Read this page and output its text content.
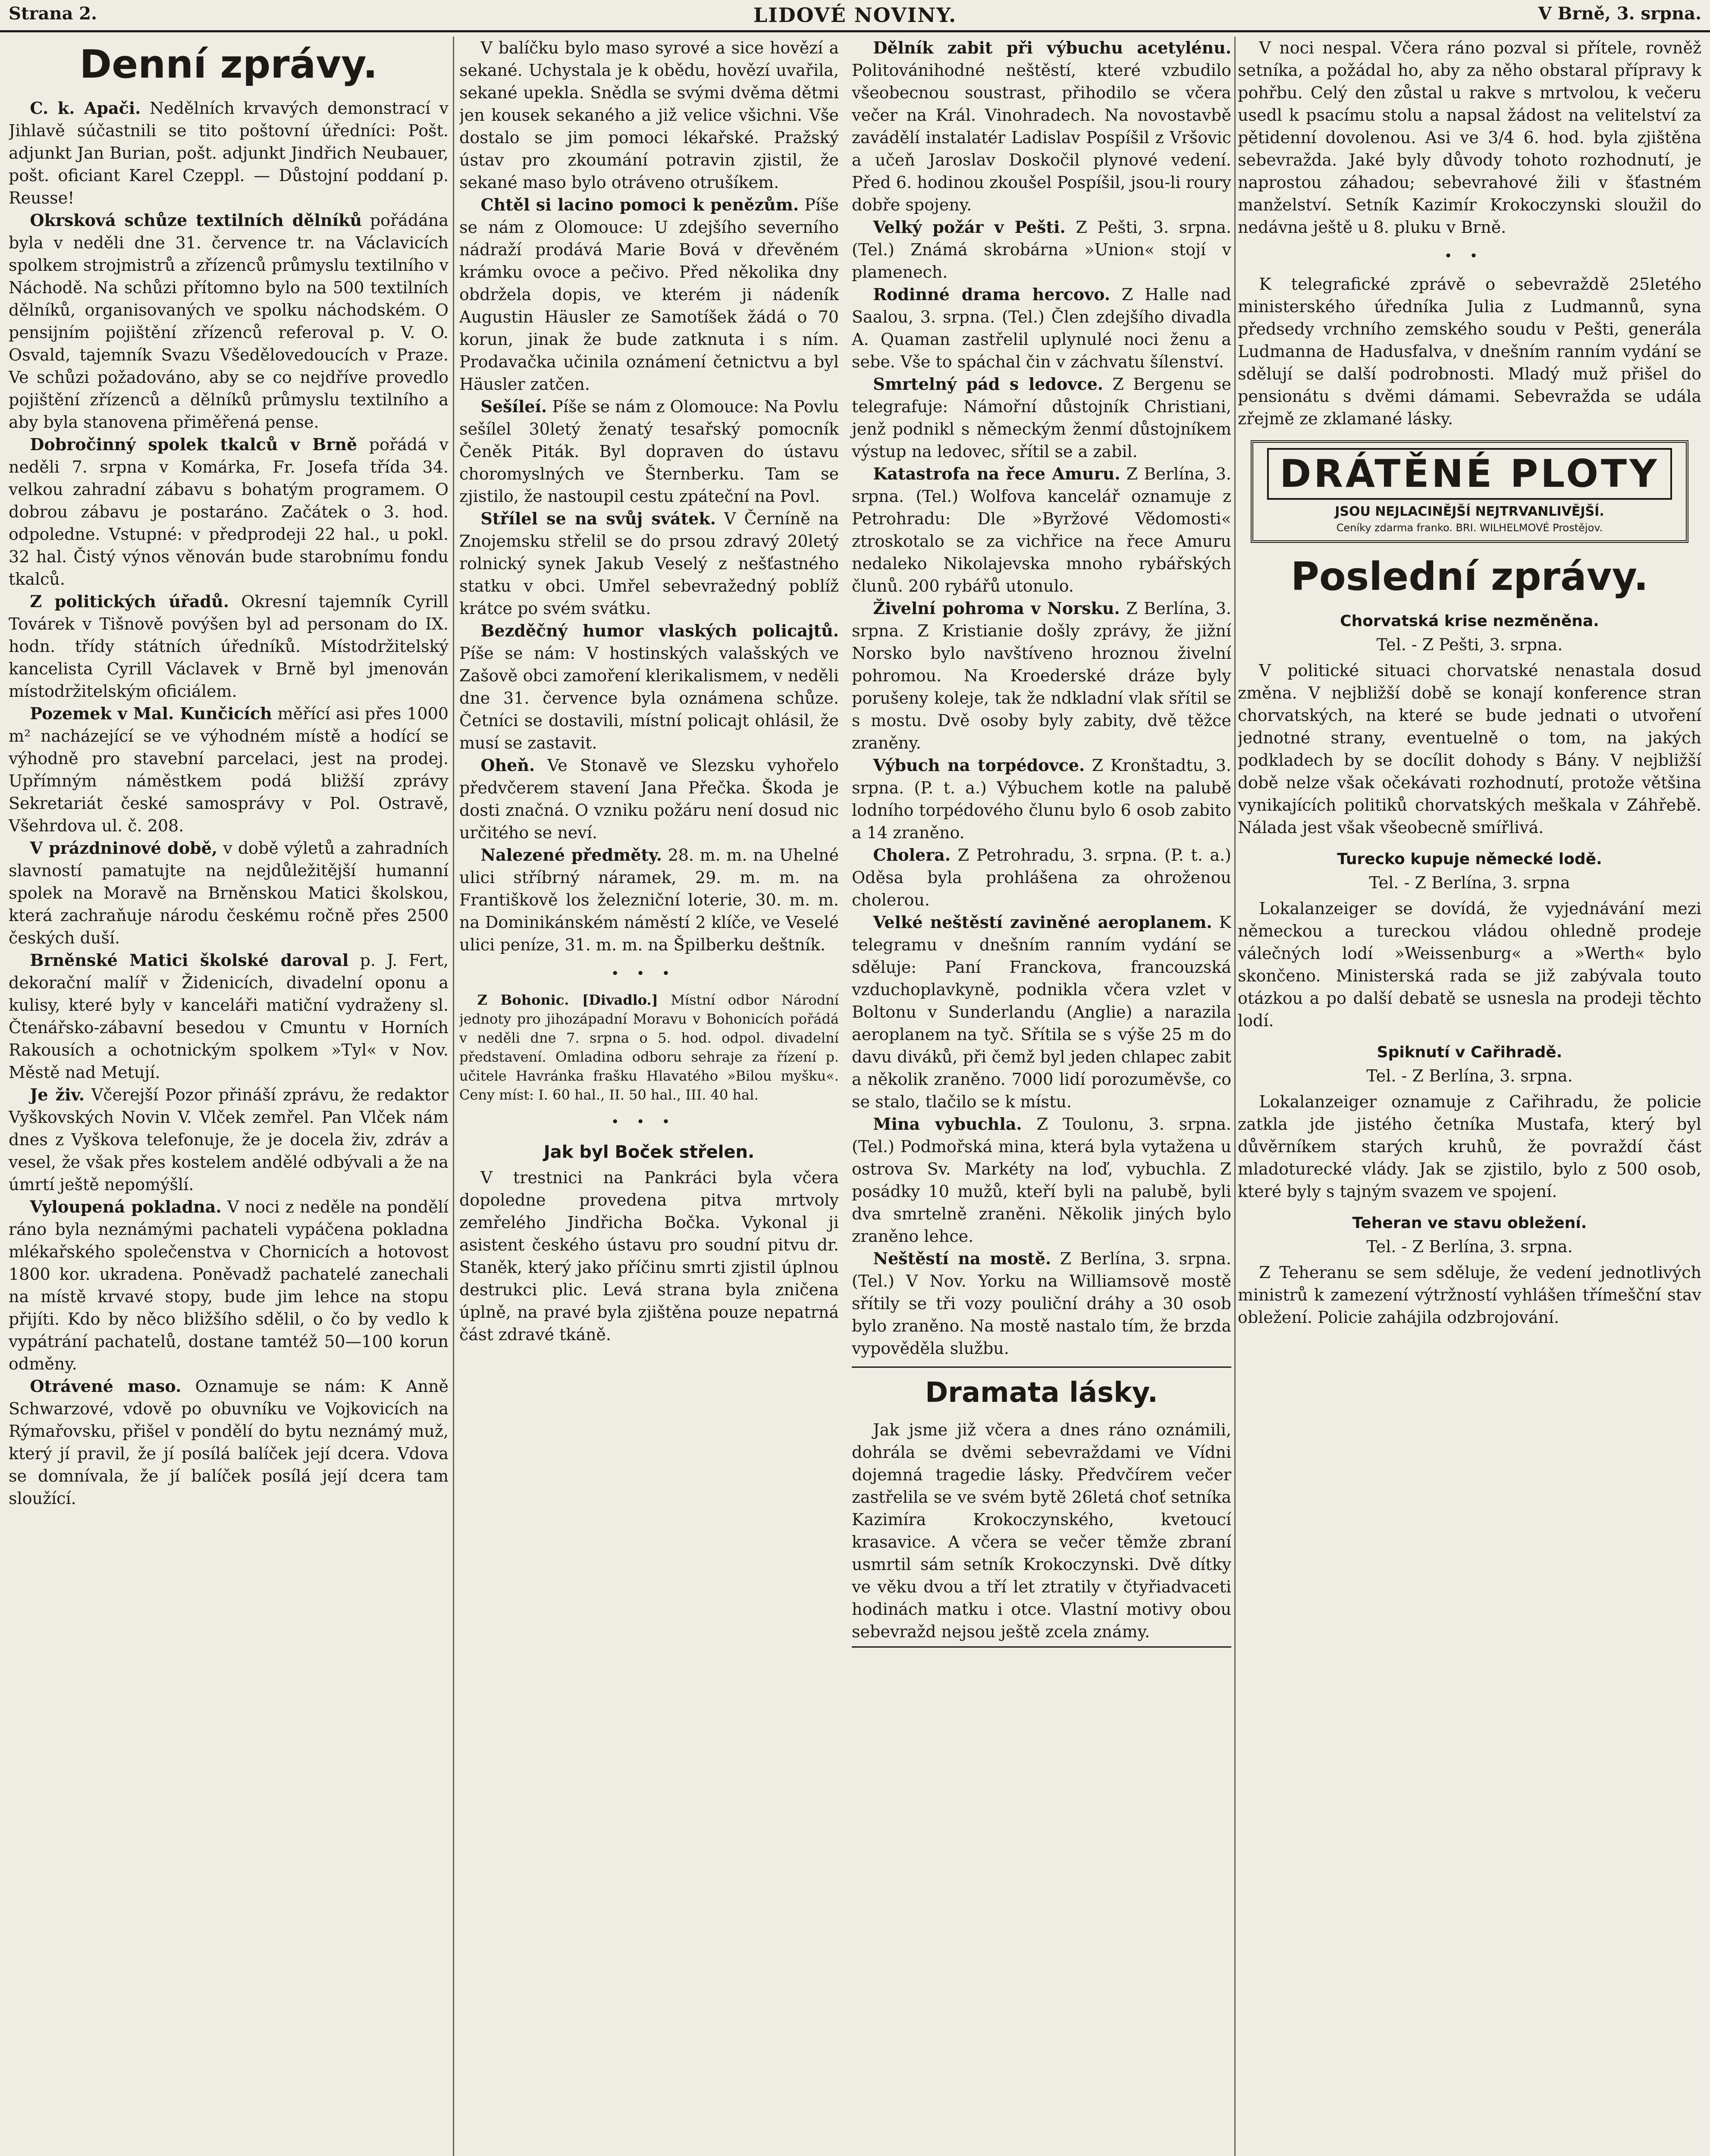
Strana 2.	LIDOVÉ NOVINY.	V Brně, 3. srpna.
Denní zprávy.

C. k. Apači. Nedělních krvavých demonstrací v Jihlavě súčastnili se tito poštovní úředníci: Pošt. adjunkt Jan Burian, pošt. adjunkt Jindřich Neubauer, pošt. oficiant Karel Czeppl. — Důstojní poddaní p. Reusse!

Okrsková schůze textilních dělníků pořádána byla v neděli dne 31. července tr. na Václavicích spolkem strojmistrů a zřízenců průmyslu textilního v Náchodě. Na schůzi přítomno bylo na 500 textilních dělníků, organisovaných ve spolku náchodském. O pensijním pojištění zřízenců referoval p. V. O. Osvald, tajemník Svazu Všedělovedoucích v Praze. Ve schůzi požadováno, aby se co nejdříve provedlo pojištění zřízenců a dělníků průmyslu textilního a aby byla stanovena přiměřená pense.

Dobročinný spolek tkalců v Brně pořádá v neděli 7. srpna v Komárka, Fr. Josefa třída 34. velkou zahradní zábavu s bohatým programem. O dobrou zábavu je postaráno. Začátek o 3. hod. odpoledne. Vstupné: v předprodeji 22 hal., u pokl. 32 hal. Čistý výnos věnován bude starobnímu fondu tkalců.

Z politických úřadů. Okresní tajemník Cyrill Továrek v Tišnově povýšen byl ad personam do IX. hodn. třídy státních úředníků. Místodržitelský kancelista Cyrill Václavek v Brně byl jmenován místodržitelským oficiálem.

Pozemek v Mal. Kunčicích měřící asi přes 1000 m² nacházející se ve výhodném místě a hodící se výhodně pro stavební parcelaci, jest na prodej. Upřímným náměstkem podá bližší zprávy Sekretariát české samosprávy v Pol. Ostravě, Všehrdova ul. č. 208.

V prázdninové době, v době výletů a zahradních slavností pamatujte na nejdůležitější humanní spolek na Moravě na Brněnskou Matici školskou, která zachraňuje národu českému ročně přes 2500 českých duší.

Brněnské Matici školské daroval p. J. Fert, dekorační malíř v Židenicích, divadelní oponu a kulisy, které byly v kanceláři matiční vydraženy sl. Čtenářsko-zábavní besedou v Cmuntu v Horních Rakousích a ochotnickým spolkem »Tyl« v Nov. Městě nad Metují.

Je živ. Včerejší Pozor přináší zprávu, že redaktor Vyškovských Novin V. Vlček zemřel. Pan Vlček nám dnes z Vyškova telefonuje, že je docela živ, zdráv a vesel, že však přes kostelem andělé odbývali a že na úmrtí ještě nepomýšlí.

Vyloupená pokladna. V noci z neděle na pondělí ráno byla neznámými pachateli vypáčena pokladna mlékařského společenstva v Chornicích a hotovost 1800 kor. ukradena. Poněvadž pachatelé zanechali na místě krvavé stopy, bude jim lehce na stopu přijíti. Kdo by něco bližšího sdělil, o čo by vedlo k vypátrání pachatelů, dostane tamtéž 50—100 korun odměny.

Otrávené maso. Oznamuje se nám: K Anně Schwarzové, vdově po obuvníku ve Vojkovicích na Rýmařovsku, přišel v pondělí do bytu neznámý muž, který jí pravil, že jí posílá balíček její dcera. Vdova se domnívala, že jí balíček posílá její dcera tam sloužící.

V balíčku bylo maso syrové a sice hovězí a sekané. Uchystala je k obědu, hovězí uvařila, sekané upekla. Snědla se svými dvěma dětmi jen kousek sekaného a již velice všichni. Vše dostalo se jim pomoci lékařské. Pražský ústav pro zkoumání potravin zjistil, že sekané maso bylo otráveno otrušíkem.

Chtěl si lacino pomoci k penězům. Píše se nám z Olomouce: U zdejšího severního nádraží prodává Marie Bová v dřevěném krámku ovoce a pečivo. Před několika dny obdržela dopis, ve kterém ji nádeník Augustin Häusler ze Samotíšek žádá o 70 korun, jinak že bude zatknuta i s ním. Prodavačka učinila oznámení četnictvu a byl Häusler zatčen.

Sešíleí. Píše se nám z Olomouce: Na Povlu sešílel 30letý ženatý tesařský pomocník Čeněk Piták. Byl dopraven do ústavu choromyslných ve Šternberku. Tam se zjistilo, že nastoupil cestu zpáteční na Povl.

Střílel se na svůj svátek. V Černíně na Znojemsku střelil se do prsou zdravý 20letý rolnický synek Jakub Veselý z nešťastného statku v obci. Umřel sebevražedný poblíž krátce po svém svátku.

Bezděčný humor vlaských policajtů. Píše se nám: V hostinských valašských ve Zašově obci zamoření klerikalismem, v neděli dne 31. července byla oznámena schůze. Četníci se dostavili, místní policajt ohlásil, že musí se zastavit.

Oheň. Ve Stonavě ve Slezsku vyhořelo předvčerem stavení Jana Přečka. Škoda je dosti značná. O vzniku požáru není dosud nic určitého se neví.

Nalezené předměty. 28. m. m. na Uhelné ulici stříbrný náramek, 29. m. m. na Františkově los železniční loterie, 30. m. m. na Dominikánském náměstí 2 klíče, ve Veselé ulici peníze, 31. m. m. na Špilberku deštník.

•••

Z Bohonic. [Divadlo.] Místní odbor Národní jednoty pro jihozápadní Moravu v Bohonicích pořádá v neděli dne 7. srpna o 5. hod. odpol. divadelní představení. Omladina odboru sehraje za řízení p. učitele Havránka frašku Hlavatého »Bilou myšku«. Ceny míst: I. 60 hal., II. 50 hal., III. 40 hal.

•••
Jak byl Boček střelen.

V trestnici na Pankráci byla včera dopoledne provedena pitva mrtvoly zemřelého Jindřicha Bočka. Vykonal ji asistent českého ústavu pro soudní pitvu dr. Staněk, který jako příčinu smrti zjistil úplnou destrukci plic. Levá strana byla zničena úplně, na pravé byla zjištěna pouze nepatrná část zdravé tkáně.

Dělník zabit při výbuchu acetylénu. Politovánihodné neštěstí, které vzbudilo všeobecnou soustrast, přihodilo se včera večer na Král. Vinohradech. Na novostavbě zavádělí instalatér Ladislav Pospíšil z Vršovic a učeň Jaroslav Doskočil plynové vedení. Před 6. hodinou zkoušel Pospíšil, jsou-li roury dobře spojeny.

Velký požár v Pešti. Z Pešti, 3. srpna. (Tel.) Známá skrobárna »Union« stojí v plamenech.

Rodinné drama hercovo. Z Halle nad Saalou, 3. srpna. (Tel.) Člen zdejšího divadla A. Quaman zastřelil uplynulé noci ženu a sebe. Vše to spáchal čin v záchvatu šílenství.

Smrtelný pád s ledovce. Z Bergenu se telegrafuje: Námořní důstojník Christiani, jenž podnikl s německým ženmí důstojníkem výstup na ledovec, sřítil se a zabil.

Katastrofa na řece Amuru. Z Berlína, 3. srpna. (Tel.) Wolfova kancelář oznamuje z Petrohradu: Dle »Byržové Vědomosti« ztroskotalo se za vichřice na řece Amuru nedaleko Nikolajevska mnoho rybářských člunů. 200 rybářů utonulo.

Živelní pohroma v Norsku. Z Berlína, 3. srpna. Z Kristianie došly zprávy, že jižní Norsko bylo navštíveno hroznou živelní pohromou. Na Kroederské dráze byly porušeny koleje, tak že ndkladní vlak sřítil se s mostu. Dvě osoby byly zabity, dvě těžce zraněny.

Výbuch na torpédovce. Z Kronštadtu, 3. srpna. (P. t. a.) Výbuchem kotle na palubě lodního torpédového člunu bylo 6 osob zabito a 14 zraněno.

Cholera. Z Petrohradu, 3. srpna. (P. t. a.) Oděsa byla prohlášena za ohroženou cholerou.

Velké neštěstí zaviněné aeroplanem. K telegramu v dnešním ranním vydání se sděluje: Paní Franckova, francouzská vzduchoplavkyně, podnikla včera vzlet v Boltonu v Sunderlandu (Anglie) a narazila aeroplanem na tyč. Sřítila se s výše 25 m do davu diváků, při čemž byl jeden chlapec zabit a několik zraněno. 7000 lidí porozuměvše, co se stalo, tlačilo se k místu.

Mina vybuchla. Z Toulonu, 3. srpna. (Tel.) Podmořská mina, která byla vytažena u ostrova Sv. Markéty na loď, vybuchla. Z posádky 10 mužů, kteří byli na palubě, byli dva smrtelně zraněni. Několik jiných bylo zraněno lehce.

Neštěstí na mostě. Z Berlína, 3. srpna. (Tel.) V Nov. Yorku na Williamsově mostě sřítily se tři vozy pouliční dráhy a 30 osob bylo zraněno. Na mostě nastalo tím, že brzda vypověděla službu.

Dramata lásky.

Jak jsme již včera a dnes ráno oznámili, dohrála se dvěmi sebevraždami ve Vídni dojemná tragedie lásky. Předvčírem večer zastřelila se ve svém bytě 26letá choť setníka Kazimíra Krokoczynského, kvetoucí krasavice. A včera se večer těmže zbraní usmrtil sám setník Krokoczynski. Dvě dítky ve věku dvou a tří let ztratily v čtyřiadvaceti hodinách matku i otce. Vlastní motivy obou sebevražd nejsou ještě zcela známy.

V noci nespal. Včera ráno pozval si přítele, rovněž setníka, a požádal ho, aby za něho obstaral přípravy k pohřbu. Celý den zůstal u rakve s mrtvolou, k večeru usedl k psacímu stolu a napsal žádost na velitelství za pětidenní dovolenou. Asi ve 3/4 6. hod. byla zjištěna sebevražda. Jaké byly důvody tohoto rozhodnutí, je naprostou záhadou; sebevrahové žili v šťastném manželství. Setník Kazimír Krokoczynski sloužil do nedávna ještě u 8. pluku v Brně.

••

K telegrafické zprávě o sebevraždě 25letého ministerského úředníka Julia z Ludmannů, syna předsedy vrchního zemského soudu v Pešti, generála Ludmanna de Hadusfalva, v dnešním ranním vydání se sdělují se další podrobnosti. Mladý muž přišel do pensionátu s dvěmi dámami. Sebevražda se udála zřejmě ze zklamané lásky.

DRÁTĚNÉ PLOTY
JSOU NEJLACINĚJŠÍ NEJTRVANLIVĚJŠÍ.
Ceníky zdarma franko. BRI. WILHELMOVÉ Prostějov.
Poslední zprávy.
Chorvatská krise nezměněna.
Tel. - Z Pešti, 3. srpna.

V politické situaci chorvatské nenastala dosud změna. V nejbližší době se konají konference stran chorvatských, na které se bude jednati o utvoření jednotné strany, eventuelně o tom, na jakých podkladech by se docílit dohody s Bány. V nejbližší době nelze však očekávati rozhodnutí, protože většina vynikajících politiků chorvatských meškala v Záhřebě. Nálada jest však všeobecně smířlivá.

Turecko kupuje německé lodě.
Tel. - Z Berlína, 3. srpna

Lokalanzeiger se dovídá, že vyjednávání mezi německou a tureckou vládou ohledně prodeje válečných lodí »Weissenburg« a »Werth« bylo skončeno. Ministerská rada se již zabývala touto otázkou a po další debatě se usnesla na prodeji těchto lodí.

Spiknutí v Cařihradě.
Tel. - Z Berlína, 3. srpna.

Lokalanzeiger oznamuje z Cařihradu, že policie zatkla jde jistého četníka Mustafa, který byl důvěrníkem starých kruhů, že povraždí část mladoturecké vlády. Jak se zjistilo, bylo z 500 osob, které byly s tajným svazem ve spojení.

Teheran ve stavu obležení.
Tel. - Z Berlína, 3. srpna.

Z Teheranu se sem sděluje, že vedení jednotlivých ministrů k zamezení výtržností vyhlášen třímešční stav obležení. Policie zahájila odzbrojování.
